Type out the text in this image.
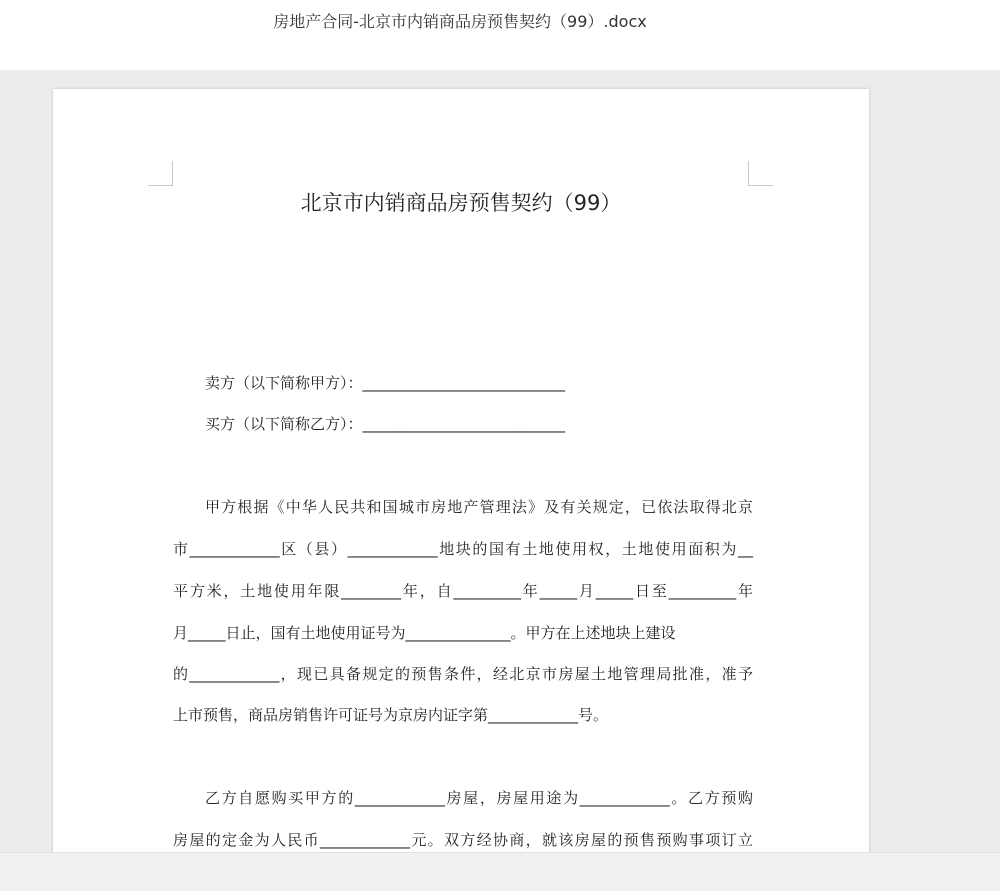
房地产合同-北京市内销商品房预售契约（99）.docx
北京市内销商品房预售契约（99）
卖方（以下简称甲方）：___________________________
买方（以下简称乙方）：___________________________
甲方根据《中华人民共和国城市房地产管理法》及有关规定，已依法取得北京
市____________区（县）____________地块的国有土地使用权，土地使用面积为__
平方米，土地使用年限________年，自_________年_____月_____日至_________年
月_____日止，国有土地使用证号为______________。甲方在上述地块上建设
的____________，现已具备规定的预售条件，经北京市房屋土地管理局批准，准予
上市预售，商品房销售许可证号为京房内证字第____________号。
乙方自愿购买甲方的____________房屋，房屋用途为____________。乙方预购
房屋的定金为人民币____________元。双方经协商，就该房屋的预售预购事项订立
